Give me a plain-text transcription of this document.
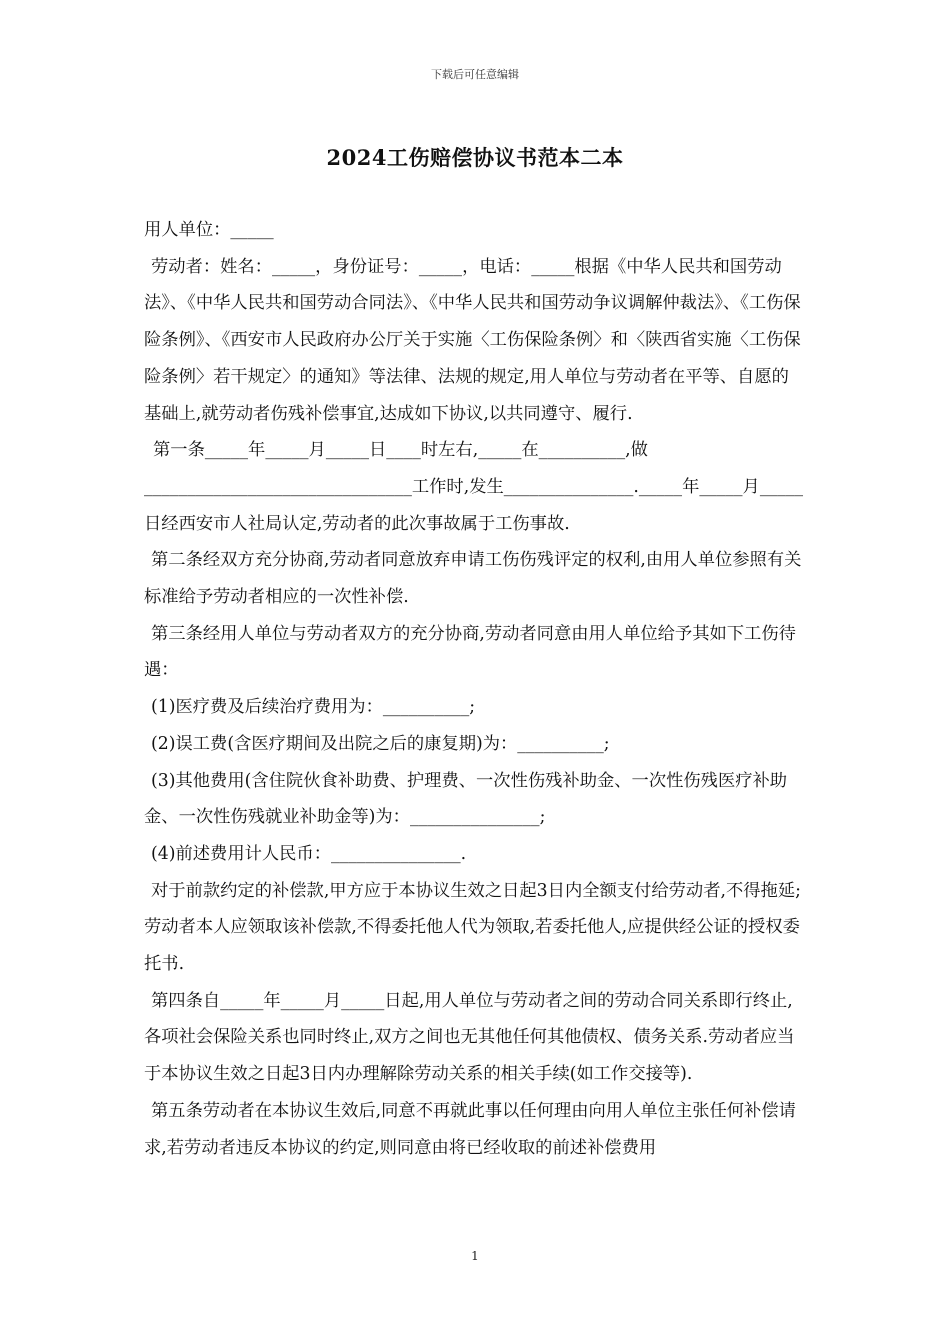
下载后可任意编辑
2024工伤赔偿协议书范本二本

用人单位：_____

劳动者：姓名：_____，身份证号：_____，电话：_____根据《中华人民共和国劳动法》、《中华人民共和国劳动合同法》、《中华人民共和国劳动争议调解仲裁法》、《工伤保险条例》、《西安市人民政府办公厅关于实施〈工伤保险条例〉和〈陕西省实施〈工伤保险条例〉若干规定〉的通知》等法律、法规的规定,用人单位与劳动者在平等、自愿的基础上,就劳动者伤残补偿事宜,达成如下协议,以共同遵守、履行.

第一条_____年_____月_____日____时左右,_____在__________,做_______________________________工作时,发生_______________._____年_____月_____日经西安市人社局认定,劳动者的此次事故属于工伤事故.

第二条经双方充分协商,劳动者同意放弃申请工伤伤残评定的权利,由用人单位参照有关标准给予劳动者相应的一次性补偿.

第三条经用人单位与劳动者双方的充分协商,劳动者同意由用人单位给予其如下工伤待遇：

(1)医疗费及后续治疗费用为：__________;

(2)误工费(含医疗期间及出院之后的康复期)为：__________;

(3)其他费用(含住院伙食补助费、护理费、一次性伤残补助金、一次性伤残医疗补助金、一次性伤残就业补助金等)为：_______________;

(4)前述费用计人民币：_______________.

对于前款约定的补偿款,甲方应于本协议生效之日起3日内全额支付给劳动者,不得拖延;劳动者本人应领取该补偿款,不得委托他人代为领取,若委托他人,应提供经公证的授权委托书.

第四条自_____年_____月_____日起,用人单位与劳动者之间的劳动合同关系即行终止,各项社会保险关系也同时终止,双方之间也无其他任何其他债权、债务关系.劳动者应当于本协议生效之日起3日内办理解除劳动关系的相关手续(如工作交接等).

第五条劳动者在本协议生效后,同意不再就此事以任何理由向用人单位主张任何补偿请求,若劳动者违反本协议的约定,则同意由将已经收取的前述补偿费用

1
